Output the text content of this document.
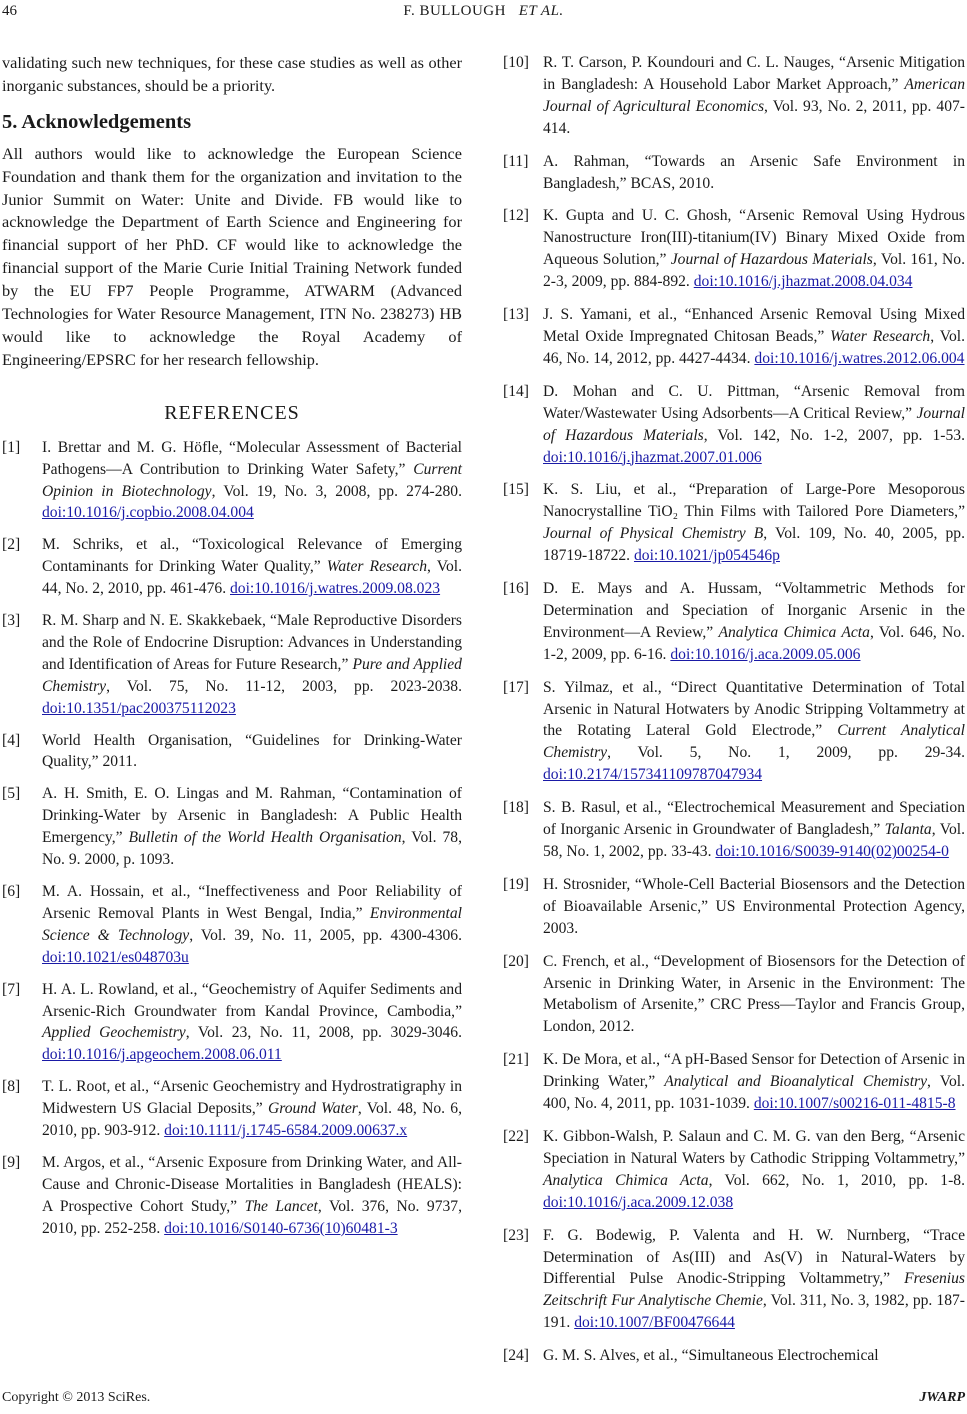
46	F. BULLOUGH ET AL.

validating such new techniques, for these case studies as well as other inorganic substances, should be a priority.

5. Acknowledgements

All authors would like to acknowledge the European Science Foundation and thank them for the organization and invitation to the Junior Summit on Water: Unite and Divide. FB would like to acknowledge the Department of Earth Science and Engineering for financial support of her PhD. CF would like to acknowledge the financial support of the Marie Curie Initial Training Network funded by the EU FP7 People Programme, ATWARM (Advanced Technologies for Water Resource Management, ITN No. 238273) HB would like to acknowledge the Royal Academy of Engineering/EPSRC for her research fellowship.

REFERENCES
[1] I. Brettar and M. G. Höfle, “Molecular Assessment of Bacterial Pathogens—A Contribution to Drinking Water Safety,” Current Opinion in Biotechnology, Vol. 19, No. 3, 2008, pp. 274-280. doi:10.1016/j.copbio.2008.04.004
[2] M. Schriks, et al., “Toxicological Relevance of Emerging Contaminants for Drinking Water Quality,” Water Research, Vol. 44, No. 2, 2010, pp. 461-476. doi:10.1016/j.watres.2009.08.023
[3] R. M. Sharp and N. E. Skakkebaek, “Male Reproductive Disorders and the Role of Endocrine Disruption: Advances in Understanding and Identification of Areas for Future Research,” Pure and Applied Chemistry, Vol. 75, No. 11-12, 2003, pp. 2023-2038. doi:10.1351/pac200375112023
[4] World Health Organisation, “Guidelines for Drinking-Water Quality,” 2011.
[5] A. H. Smith, E. O. Lingas and M. Rahman, “Contamination of Drinking-Water by Arsenic in Bangladesh: A Public Health Emergency,” Bulletin of the World Health Organisation, Vol. 78, No. 9. 2000, p. 1093.
[6] M. A. Hossain, et al., “Ineffectiveness and Poor Reliability of Arsenic Removal Plants in West Bengal, India,” Environmental Science & Technology, Vol. 39, No. 11, 2005, pp. 4300-4306. doi:10.1021/es048703u
[7] H. A. L. Rowland, et al., “Geochemistry of Aquifer Sediments and Arsenic-Rich Groundwater from Kandal Province, Cambodia,” Applied Geochemistry, Vol. 23, No. 11, 2008, pp. 3029-3046. doi:10.1016/j.apgeochem.2008.06.011
[8] T. L. Root, et al., “Arsenic Geochemistry and Hydrostratigraphy in Midwestern US Glacial Deposits,” Ground Water, Vol. 48, No. 6, 2010, pp. 903-912. doi:10.1111/j.1745-6584.2009.00637.x
[9] M. Argos, et al., “Arsenic Exposure from Drinking Water, and All-Cause and Chronic-Disease Mortalities in Bangladesh (HEALS): A Prospective Cohort Study,” The Lancet, Vol. 376, No. 9737, 2010, pp. 252-258. doi:10.1016/S0140-6736(10)60481-3
[10] R. T. Carson, P. Koundouri and C. L. Nauges, “Arsenic Mitigation in Bangladesh: A Household Labor Market Approach,” American Journal of Agricultural Economics, Vol. 93, No. 2, 2011, pp. 407-414.
[11] A. Rahman, “Towards an Arsenic Safe Environment in Bangladesh,” BCAS, 2010.
[12] K. Gupta and U. C. Ghosh, “Arsenic Removal Using Hydrous Nanostructure Iron(III)-titanium(IV) Binary Mixed Oxide from Aqueous Solution,” Journal of Hazardous Materials, Vol. 161, No. 2-3, 2009, pp. 884-892. doi:10.1016/j.jhazmat.2008.04.034
[13] J. S. Yamani, et al., “Enhanced Arsenic Removal Using Mixed Metal Oxide Impregnated Chitosan Beads,” Water Research, Vol. 46, No. 14, 2012, pp. 4427-4434. doi:10.1016/j.watres.2012.06.004
[14] D. Mohan and C. U. Pittman, “Arsenic Removal from Water/Wastewater Using Adsorbents—A Critical Review,” Journal of Hazardous Materials, Vol. 142, No. 1-2, 2007, pp. 1-53. doi:10.1016/j.jhazmat.2007.01.006
[15] K. S. Liu, et al., “Preparation of Large-Pore Mesoporous Nanocrystalline TiO₂ Thin Films with Tailored Pore Diameters,” Journal of Physical Chemistry B, Vol. 109, No. 40, 2005, pp. 18719-18722. doi:10.1021/jp054546p
[16] D. E. Mays and A. Hussam, “Voltammetric Methods for Determination and Speciation of Inorganic Arsenic in the Environment—A Review,” Analytica Chimica Acta, Vol. 646, No. 1-2, 2009, pp. 6-16. doi:10.1016/j.aca.2009.05.006
[17] S. Yilmaz, et al., “Direct Quantitative Determination of Total Arsenic in Natural Hotwaters by Anodic Stripping Voltammetry at the Rotating Lateral Gold Electrode,” Current Analytical Chemistry, Vol. 5, No. 1, 2009, pp. 29-34. doi:10.2174/157341109787047934
[18] S. B. Rasul, et al., “Electrochemical Measurement and Speciation of Inorganic Arsenic in Groundwater of Bangladesh,” Talanta, Vol. 58, No. 1, 2002, pp. 33-43. doi:10.1016/S0039-9140(02)00254-0
[19] H. Strosnider, “Whole-Cell Bacterial Biosensors and the Detection of Bioavailable Arsenic,” US Environmental Protection Agency, 2003.
[20] C. French, et al., “Development of Biosensors for the Detection of Arsenic in Drinking Water, in Arsenic in the Environment: The Metabolism of Arsenite,” CRC Press—Taylor and Francis Group, London, 2012.
[21] K. De Mora, et al., “A pH-Based Sensor for Detection of Arsenic in Drinking Water,” Analytical and Bioanalytical Chemistry, Vol. 400, No. 4, 2011, pp. 1031-1039. doi:10.1007/s00216-011-4815-8
[22] K. Gibbon-Walsh, P. Salaun and C. M. G. van den Berg, “Arsenic Speciation in Natural Waters by Cathodic Stripping Voltammetry,” Analytica Chimica Acta, Vol. 662, No. 1, 2010, pp. 1-8. doi:10.1016/j.aca.2009.12.038
[23] F. G. Bodewig, P. Valenta and H. W. Nurnberg, “Trace Determination of As(III) and As(V) in Natural-Waters by Differential Pulse Anodic-Stripping Voltammetry,” Fresenius Zeitschrift Fur Analytische Chemie, Vol. 311, No. 3, 1982, pp. 187-191. doi:10.1007/BF00476644
[24] G. M. S. Alves, et al., “Simultaneous Electrochemical
Copyright © 2013 SciRes.	JWARP
